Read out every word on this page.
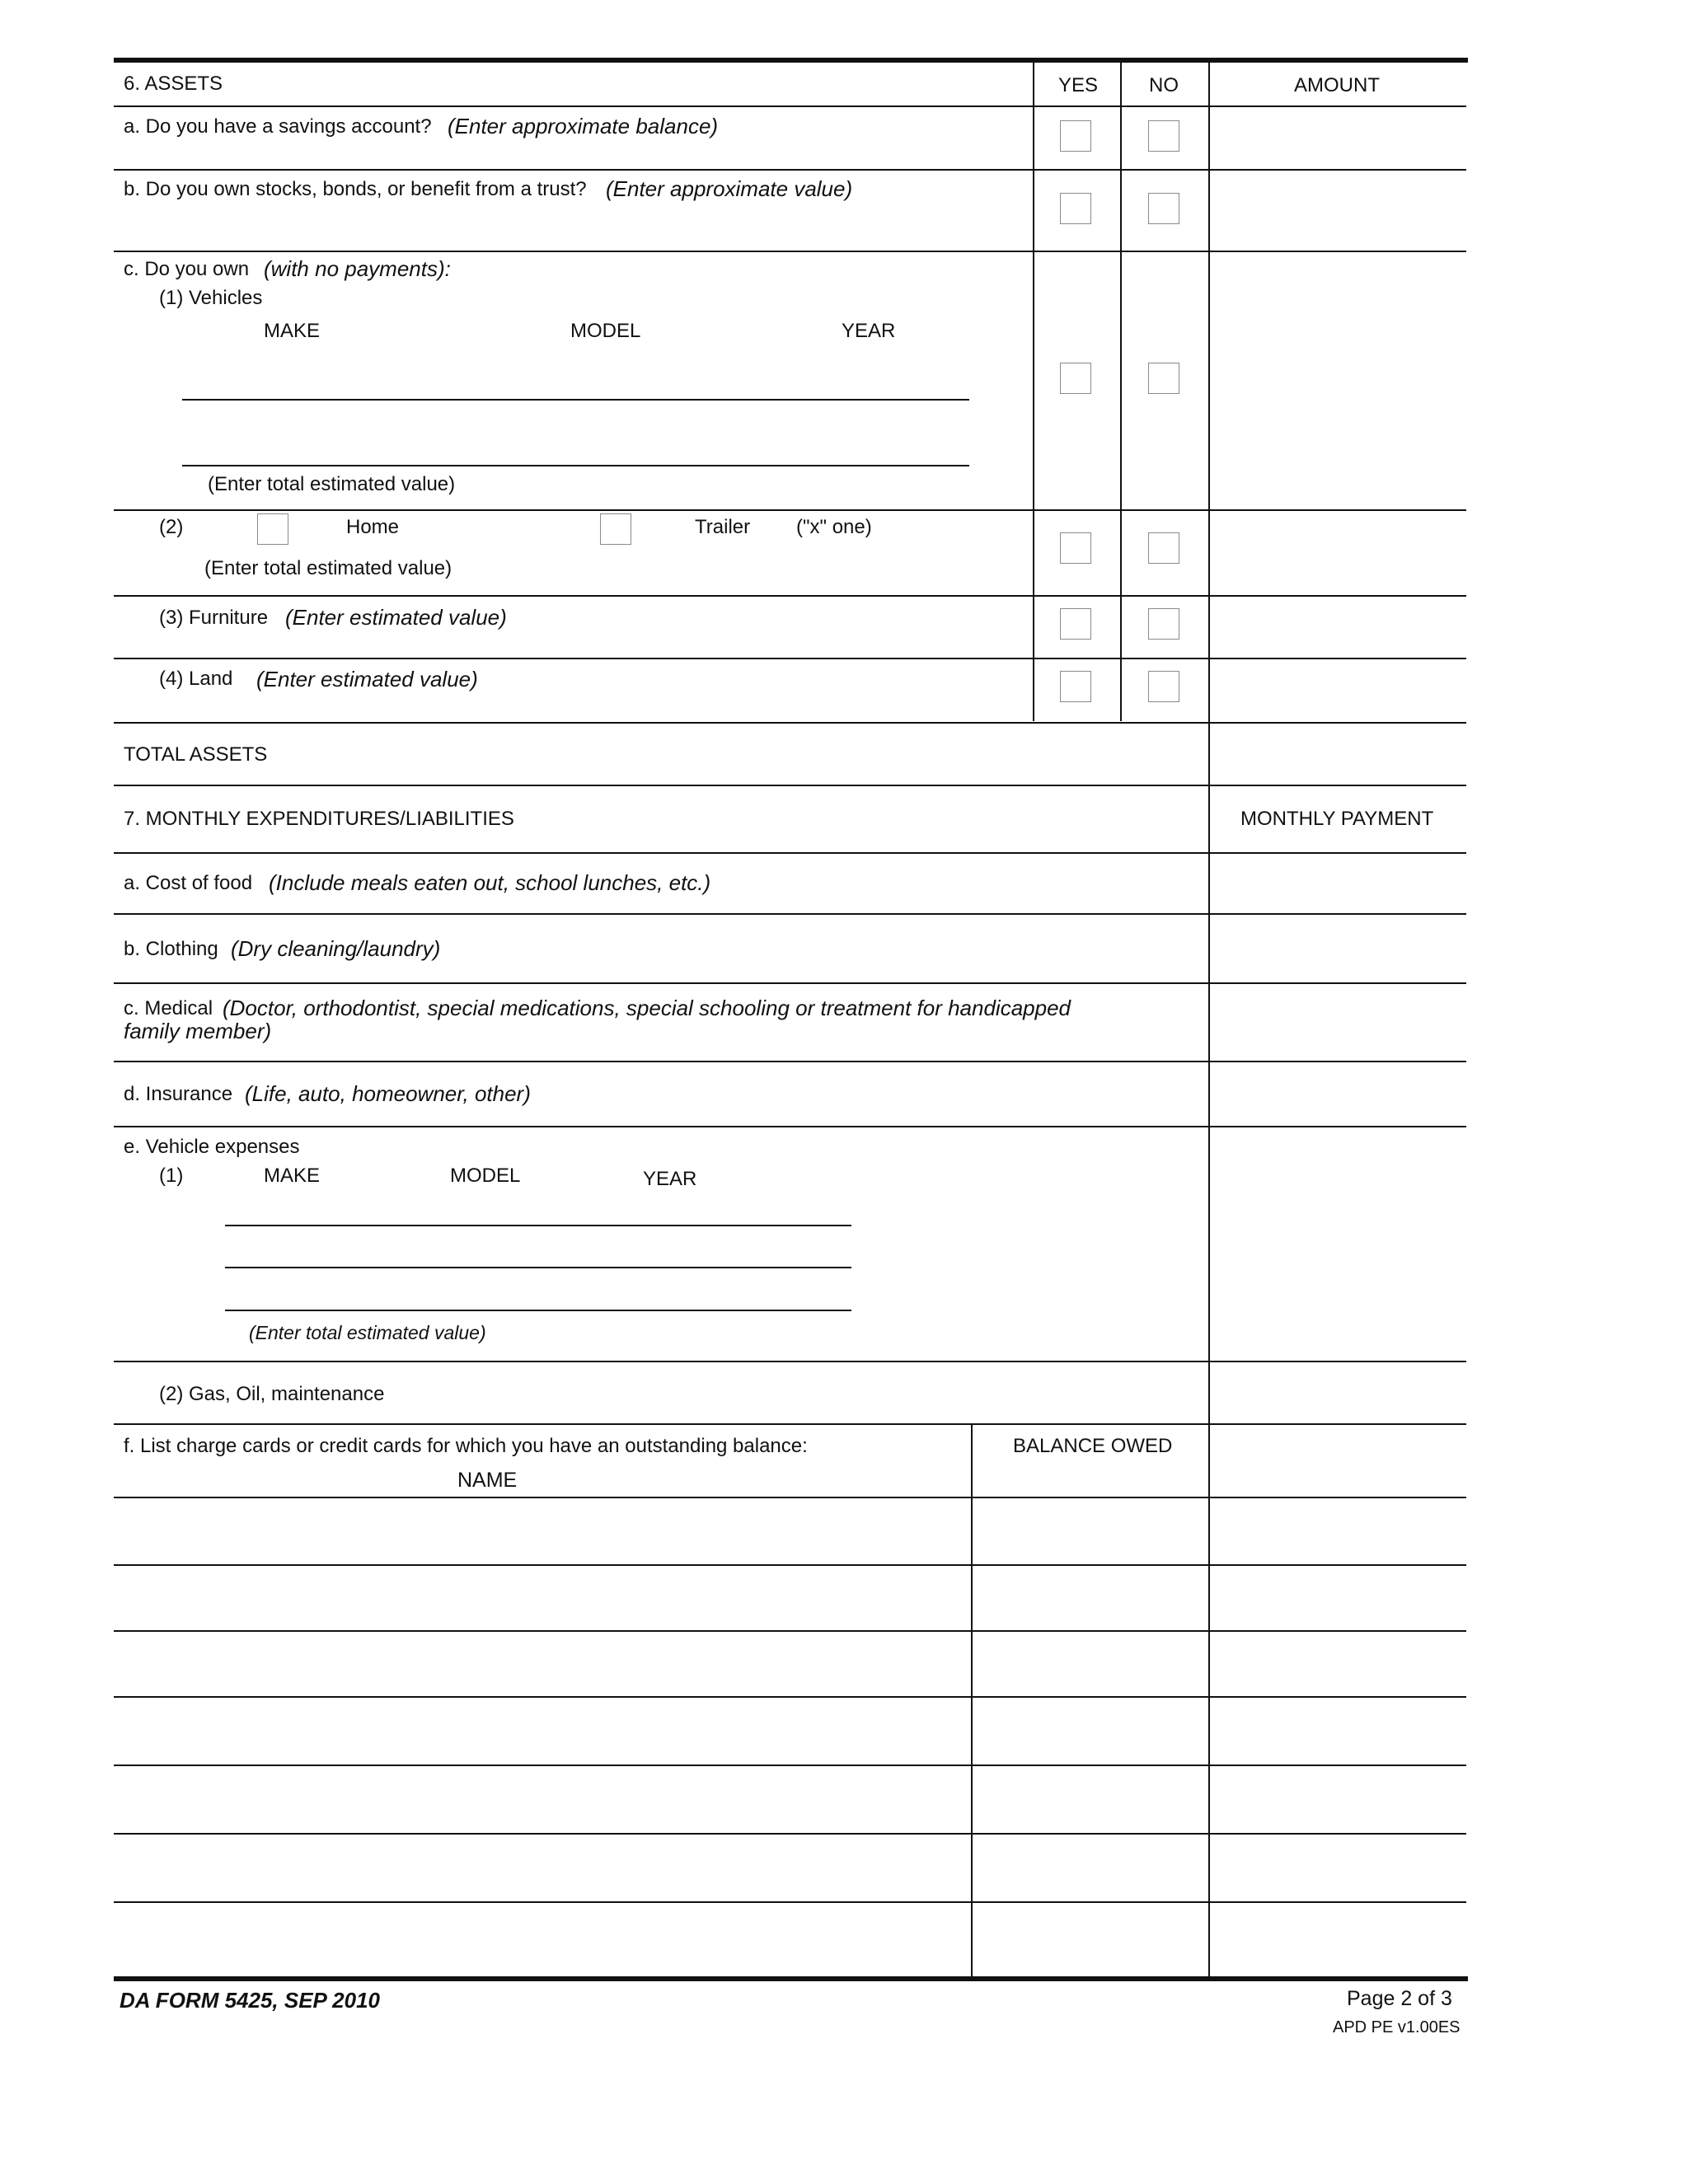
6. ASSETS	YES	NO	AMOUNT
a. Do you have a savings account? (Enter approximate balance)
b. Do you own stocks, bonds, or benefit from a trust? (Enter approximate value)
c. Do you own (with no payments):
(1) Vehicles
MAKE	MODEL	YEAR
(Enter total estimated value)
(2)	Home	Trailer ("x" one)
(Enter total estimated value)
(3) Furniture (Enter estimated value)
(4) Land (Enter estimated value)
TOTAL ASSETS
7. MONTHLY EXPENDITURES/LIABILITIES	MONTHLY PAYMENT
a. Cost of food (Include meals eaten out, school lunches, etc.)
b. Clothing (Dry cleaning/laundry)
c. Medical (Doctor, orthodontist, special medications, special schooling or treatment for handicapped
family member)
d. Insurance (Life, auto, homeowner, other)
e. Vehicle expenses
(1)	MAKE	MODEL	YEAR
(Enter total estimated value)
(2) Gas, Oil, maintenance
f. List charge cards or credit cards for which you have an outstanding balance:	BALANCE OWED
NAME
DA FORM 5425, SEP 2010	Page 2 of 3
APD PE v1.00ES
